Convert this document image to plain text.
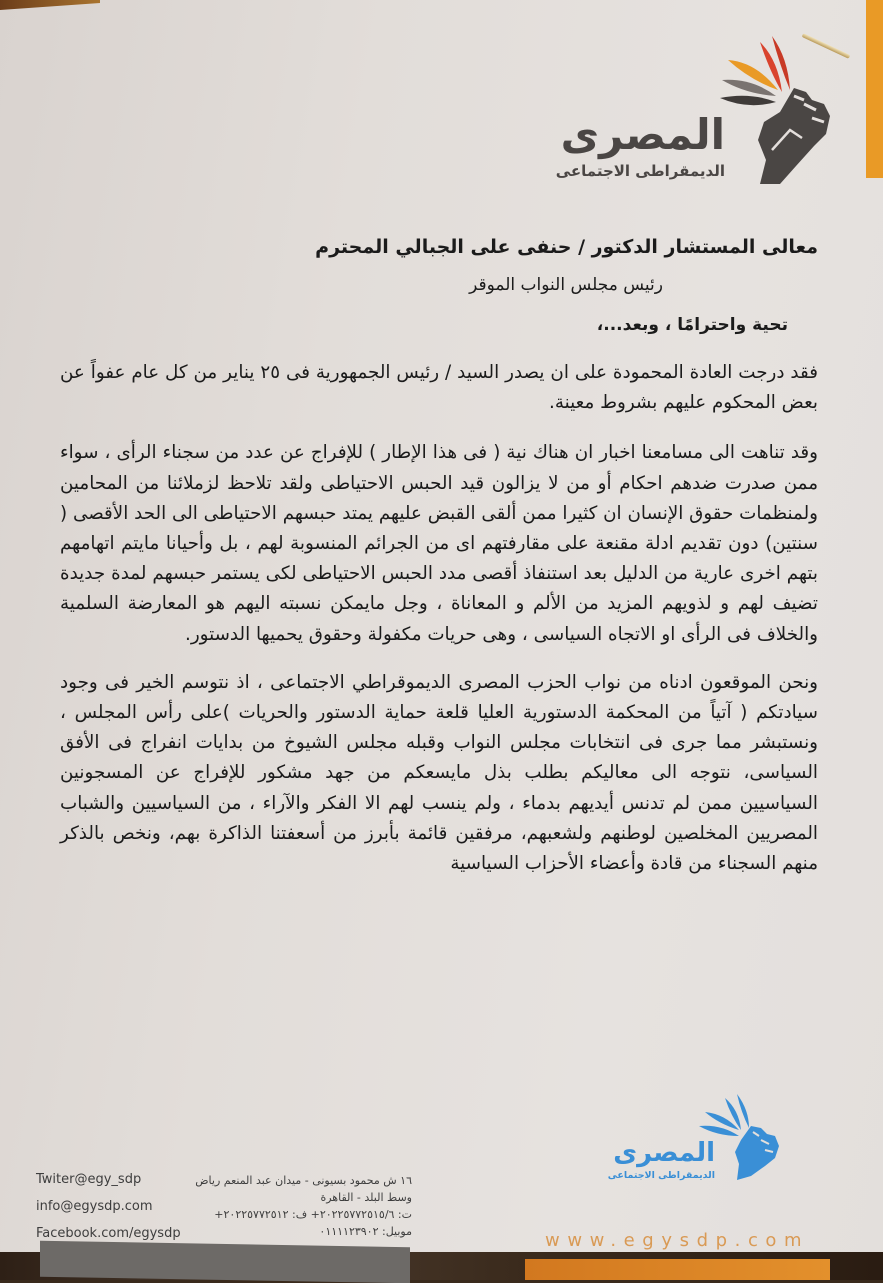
المصرى
الديمقراطى الاجتماعى

معالى المستشار الدكتور / حنفى على الجبالي المحترم

رئيس مجلس النواب الموقر

تحية واحترامًا ، وبعد...،

فقد درجت العادة المحمودة على ان يصدر السيد / رئيس الجمهورية فى ٢٥ يناير من كل عام عفواً عن بعض المحكوم عليهم بشروط معينة.

وقد تناهت الى مسامعنا اخبار ان هناك نية ( فى هذا الإطار ) للإفراج عن عدد من سجناء الرأى ، سواء ممن صدرت ضدهم احكام أو من لا يزالون قيد الحبس الاحتياطى ولقد تلاحظ لزملائنا من المحامين ولمنظمات حقوق الإنسان ان كثيرا ممن ألقى القبض عليهم يمتد حبسهم الاحتياطى الى الحد الأقصى ( سنتين) دون تقديم ادلة مقنعة على مقارفتهم اى من الجرائم المنسوبة لهم ، بل وأحيانا مايتم اتهامهم بتهم اخرى عارية من الدليل بعد استنفاذ أقصى مدد الحبس الاحتياطى لكى يستمر حبسهم لمدة جديدة تضيف لهم و لذويهم المزيد من الألم و المعاناة ، وجل مايمكن نسبته اليهم هو المعارضة السلمية والخلاف فى الرأى او الاتجاه السياسى ، وهى حريات مكفولة وحقوق يحميها الدستور.

ونحن الموقعون ادناه من نواب الحزب المصرى الديموقراطي الاجتماعى ، اذ نتوسم الخير فى وجود سيادتكم ( آتياً من المحكمة الدستورية العليا قلعة حماية الدستور والحريات )على رأس المجلس ، ونستبشر مما جرى فى انتخابات مجلس النواب وقبله مجلس الشيوخ من بدايات انفراج فى الأفق السياسى، نتوجه الى معاليكم بطلب بذل مايسعكم من جهد مشكور للإفراج عن المسجونين السياسيين ممن لم تدنس أيديهم بدماء ، ولم ينسب لهم الا الفكر والآراء ، من السياسيين والشباب المصريين المخلصين لوطنهم ولشعبهم، مرفقين قائمة بأبرز من أسعفتنا الذاكرة بهم، ونخص بالذكر منهم السجناء من قادة وأعضاء الأحزاب السياسية

Twiter@egy_sdp
info@egysdp.com
Facebook.com/egysdp
١٦ ش محمود بسيونى - ميدان عبد المنعم رياض
وسط البلد - القاهرة
ت: ٢٠٢٢٥٧٧٢٥١٥/٦+ ف: ٢٠٢٢٥٧٧٢٥١٢+
موبيل: ٠١١١١٢٣٩٠٢
المصرى
الديمقراطى الاجتماعى
www.egysdp.com
